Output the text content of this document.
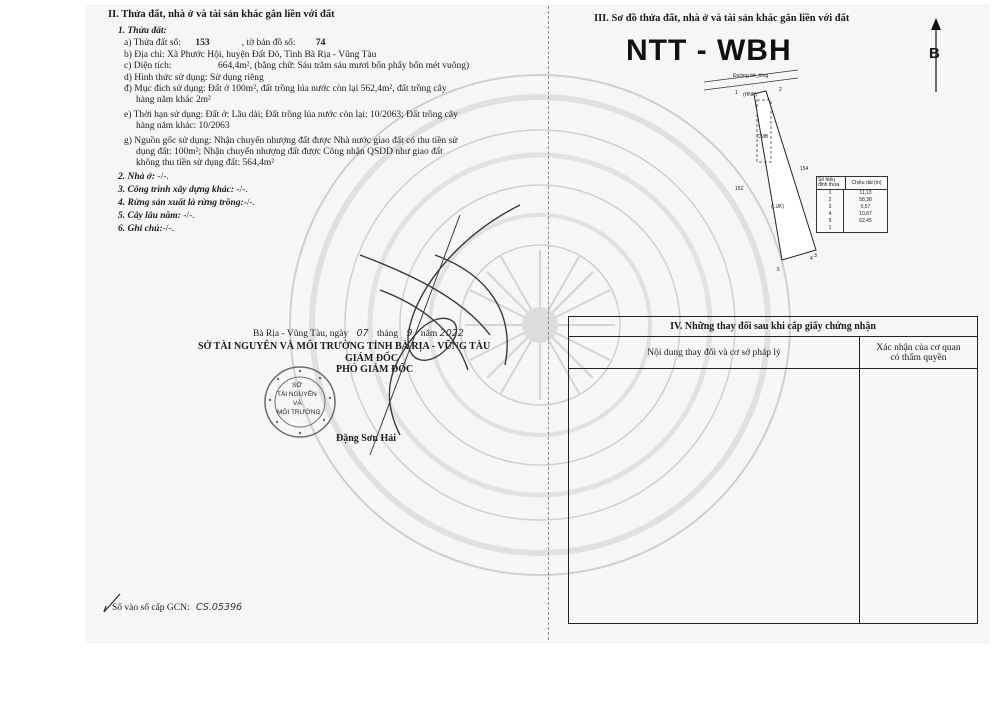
II. Thửa đất, nhà ở và tài sản khác gắn liền với đất
1. Thửa đất:
a) Thửa đất số: 153	, tờ bản đồ số: 74
b) Địa chỉ: Xã Phước Hội, huyện Đất Đỏ, Tỉnh Bà Rịa - Vũng Tàu
c) Diện tích:	664,4m², (bằng chữ: Sáu trăm sáu mươi bốn phẩy bốn mét vuông)
d) Hình thức sử dụng: Sử dụng riêng
đ) Mục đích sử dụng: Đất ở 100m², đất trồng lúa nước còn lại 562,4m², đất trồng cây
hàng năm khác 2m²
e) Thời hạn sử dụng: Đất ở: Lâu dài; Đất trồng lúa nước còn lại: 10/2063; Đất trồng cây
hàng năm khác: 10/2063
g) Nguồn gốc sử dụng: Nhận chuyển nhượng đất được Nhà nước giao đất có thu tiền sử
dụng đất: 100m²; Nhận chuyển nhượng đất được Công nhận QSDD như giao đất
không thu tiền sử dụng đất: 564,4m²
2. Nhà ở: -/-.
3. Công trình xây dựng khác: -/-.
4. Rừng sản xuất là rừng trồng:-/-.
5. Cây lâu năm: -/-.
6. Ghi chú:-/-.
Bà Rịa - Vũng Tàu, ngày 07 tháng 9 năm 2022
SỞ TÀI NGUYÊN VÀ MÔI TRƯỜNG TỈNH BÀ RỊA - VŨNG TÀU
GIÁM ĐỐC
PHÓ GIÁM ĐỐC
Đặng Sơn Hải
SỞ
TÀI NGUYÊN
VÀ
MÔI TRƯỜNG
Số vào sổ cấp GCN: CS.05396
III. Sơ đồ thửa đất, nhà ở và tài sản khác gắn liền với đất
NTT - WBH	B
Đường bê_tông
(HNK)
CMB
(LUK)
154
152
1	2
5
4 3
Số hiệu đỉnh thửa	Chiều dài (m)
1	11,13
2	58,38
3	0,57
4	10,87
5	62,45
1
IV. Những thay đổi sau khi cấp giấy chứng nhận	
Nội dung thay đổi và cơ sở pháp lý	Xác nhận của cơ quan
có thẩm quyền
